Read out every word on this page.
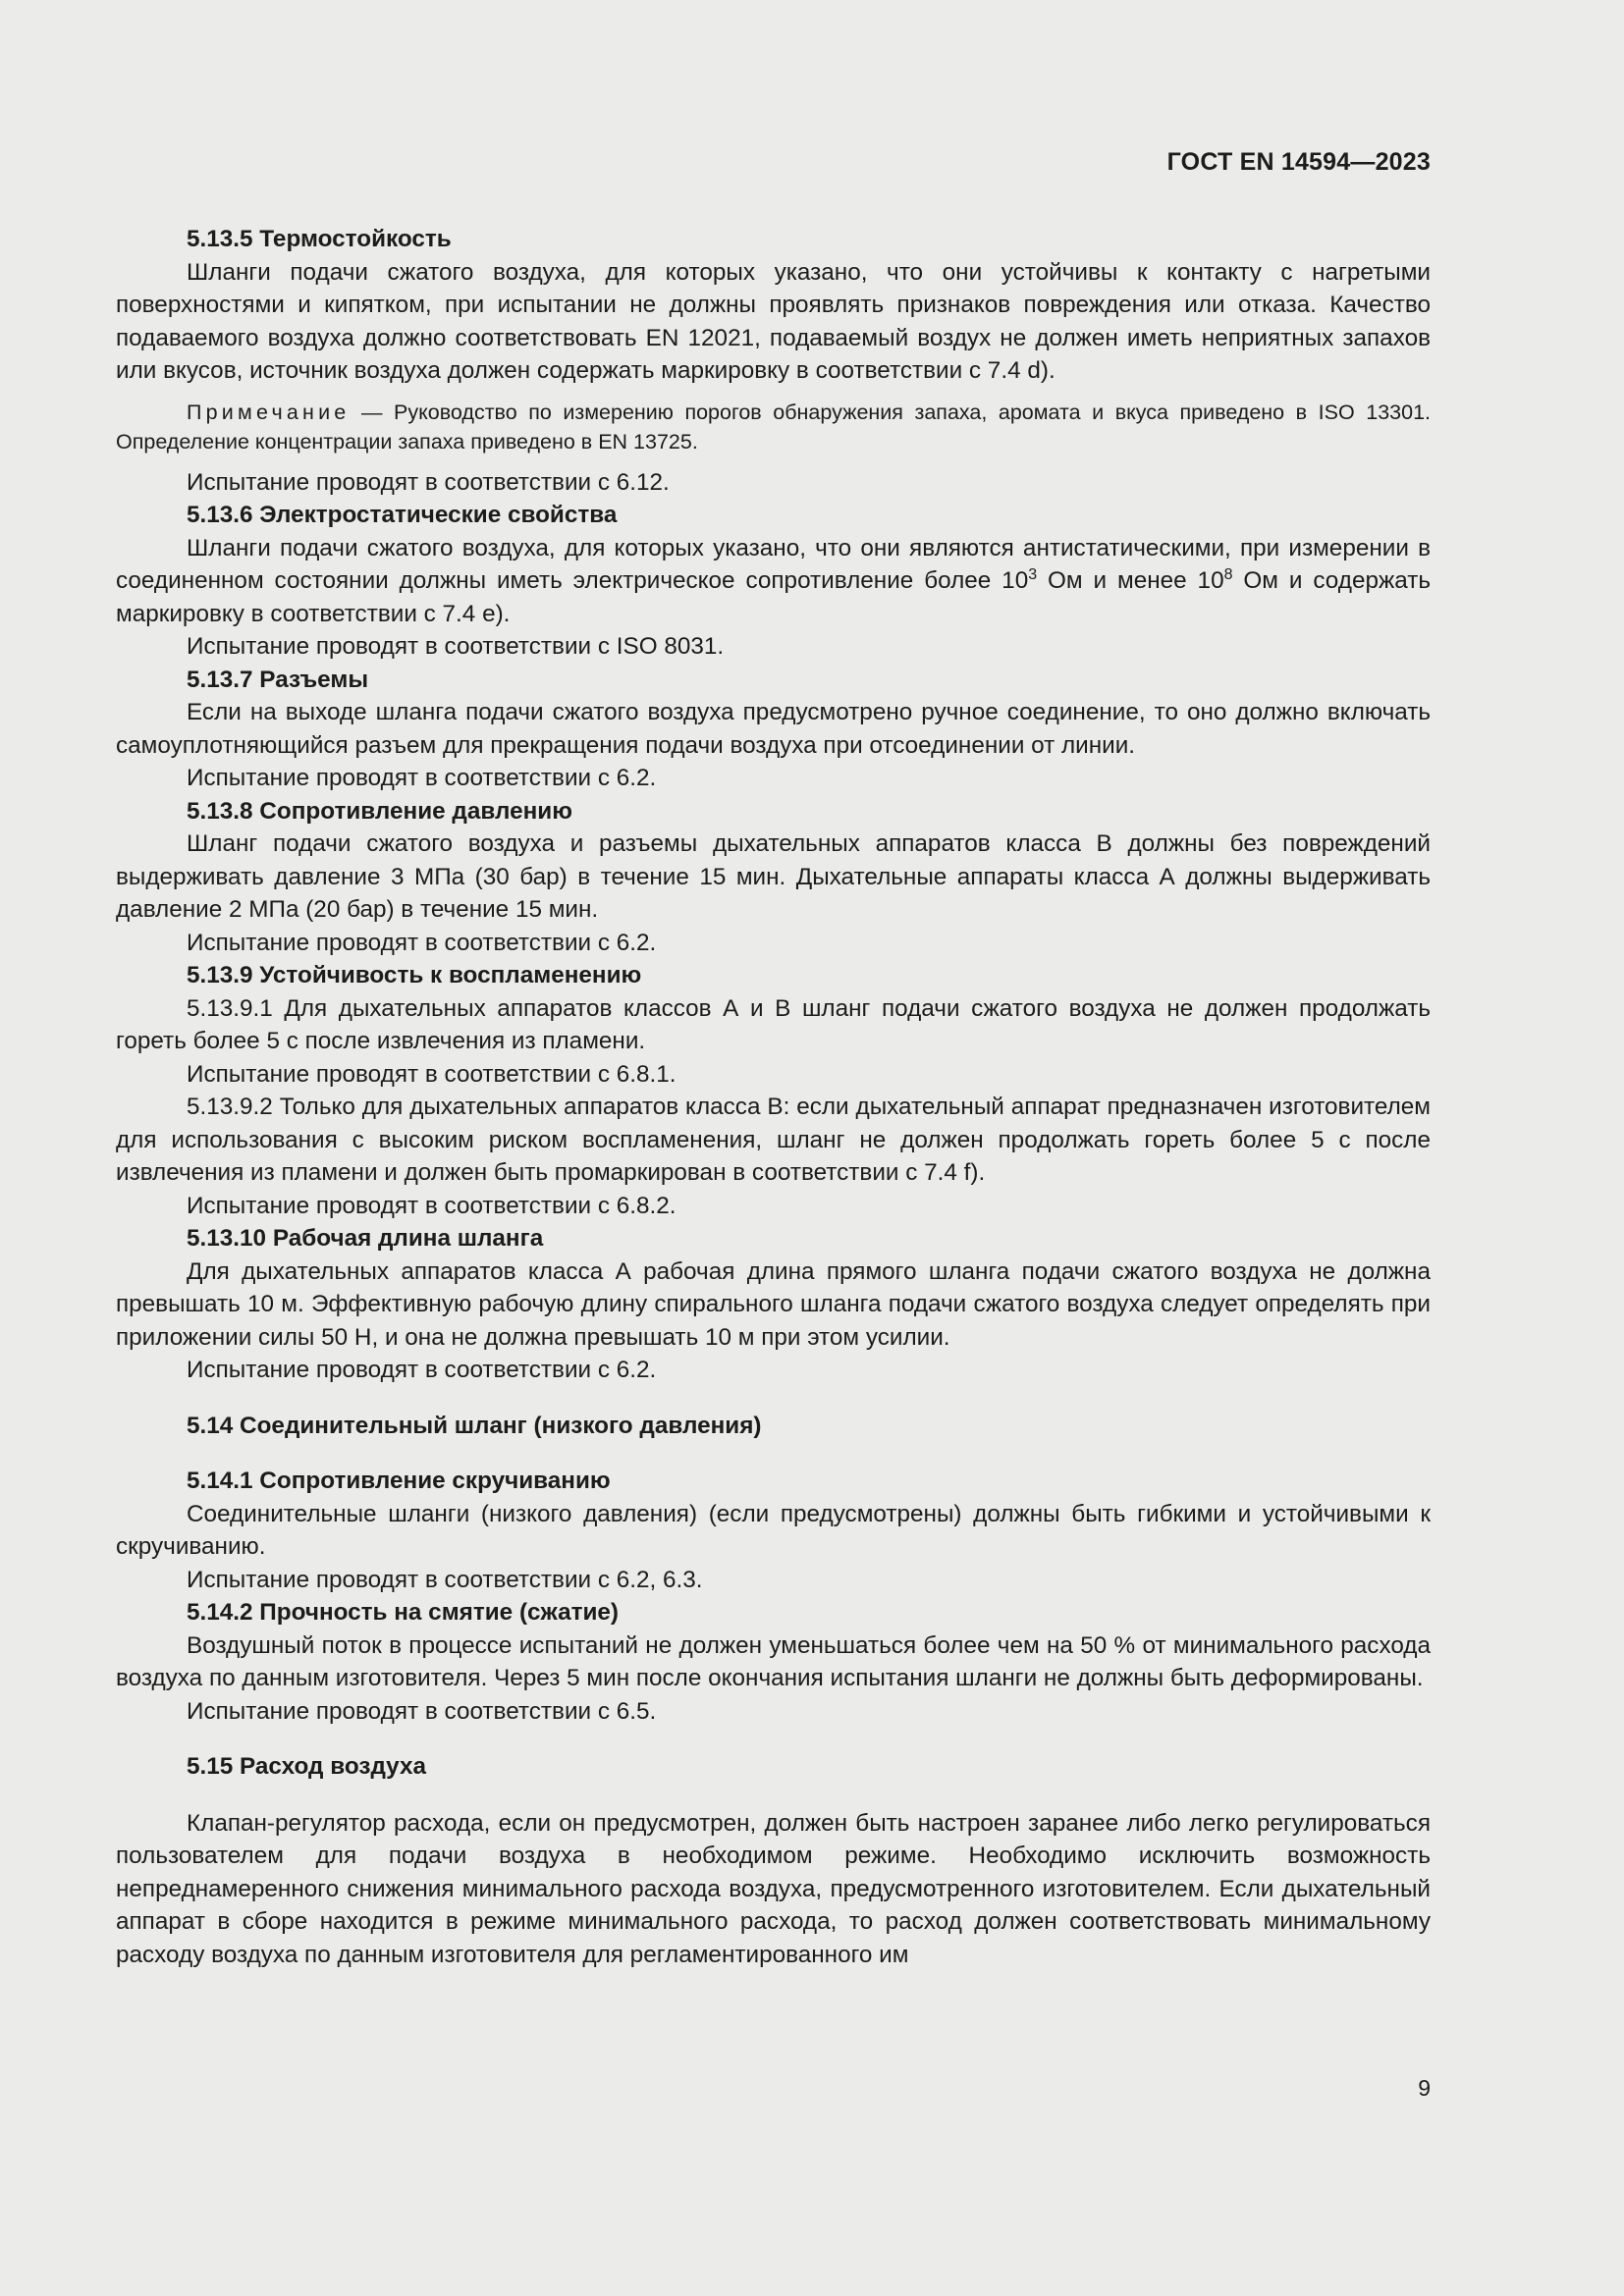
ГОСТ EN 14594—2023
5.13.5 Термостойкость

Шланги подачи сжатого воздуха, для которых указано, что они устойчивы к контакту с нагретыми поверхностями и кипятком, при испытании не должны проявлять признаков повреждения или отказа. Качество подаваемого воздуха должно соответствовать EN 12021, подаваемый воздух не должен иметь неприятных запахов или вкусов, источник воздуха должен содержать маркировку в соответствии с 7.4 d).

Примечание — Руководство по измерению порогов обнаружения запаха, аромата и вкуса приведено в ISO 13301. Определение концентрации запаха приведено в EN 13725.

Испытание проводят в соответствии с 6.12.

5.13.6 Электростатические свойства

Шланги подачи сжатого воздуха, для которых указано, что они являются антистатическими, при измерении в соединенном состоянии должны иметь электрическое сопротивление более $10^3$ Ом и менее $10^8$ Ом и содержать маркировку в соответствии с 7.4 e).

Испытание проводят в соответствии с ISO 8031.

5.13.7 Разъемы

Если на выходе шланга подачи сжатого воздуха предусмотрено ручное соединение, то оно должно включать самоуплотняющийся разъем для прекращения подачи воздуха при отсоединении от линии.

Испытание проводят в соответствии с 6.2.

5.13.8 Сопротивление давлению

Шланг подачи сжатого воздуха и разъемы дыхательных аппаратов класса В должны без повреждений выдерживать давление 3 МПа (30 бар) в течение 15 мин. Дыхательные аппараты класса А должны выдерживать давление 2 МПа (20 бар) в течение 15 мин.

Испытание проводят в соответствии с 6.2.

5.13.9 Устойчивость к воспламенению

5.13.9.1 Для дыхательных аппаратов классов А и В шланг подачи сжатого воздуха не должен продолжать гореть более 5 с после извлечения из пламени.

Испытание проводят в соответствии с 6.8.1.

5.13.9.2 Только для дыхательных аппаратов класса В: если дыхательный аппарат предназначен изготовителем для использования с высоким риском воспламенения, шланг не должен продолжать гореть более 5 с после извлечения из пламени и должен быть промаркирован в соответствии с 7.4 f).

Испытание проводят в соответствии с 6.8.2.

5.13.10 Рабочая длина шланга

Для дыхательных аппаратов класса А рабочая длина прямого шланга подачи сжатого воздуха не должна превышать 10 м. Эффективную рабочую длину спирального шланга подачи сжатого воздуха следует определять при приложении силы 50 Н, и она не должна превышать 10 м при этом усилии.

Испытание проводят в соответствии с 6.2.

5.14 Соединительный шланг (низкого давления)
5.14.1 Сопротивление скручиванию

Соединительные шланги (низкого давления) (если предусмотрены) должны быть гибкими и устойчивыми к скручиванию.

Испытание проводят в соответствии с 6.2, 6.3.

5.14.2 Прочность на смятие (сжатие)

Воздушный поток в процессе испытаний не должен уменьшаться более чем на 50 % от минимального расхода воздуха по данным изготовителя. Через 5 мин после окончания испытания шланги не должны быть деформированы.

Испытание проводят в соответствии с 6.5.

5.15 Расход воздуха

Клапан-регулятор расхода, если он предусмотрен, должен быть настроен заранее либо легко регулироваться пользователем для подачи воздуха в необходимом режиме. Необходимо исключить возможность непреднамеренного снижения минимального расхода воздуха, предусмотренного изготовителем. Если дыхательный аппарат в сборе находится в режиме минимального расхода, то расход должен соответствовать минимальному расходу воздуха по данным изготовителя для регламентированного им

9
